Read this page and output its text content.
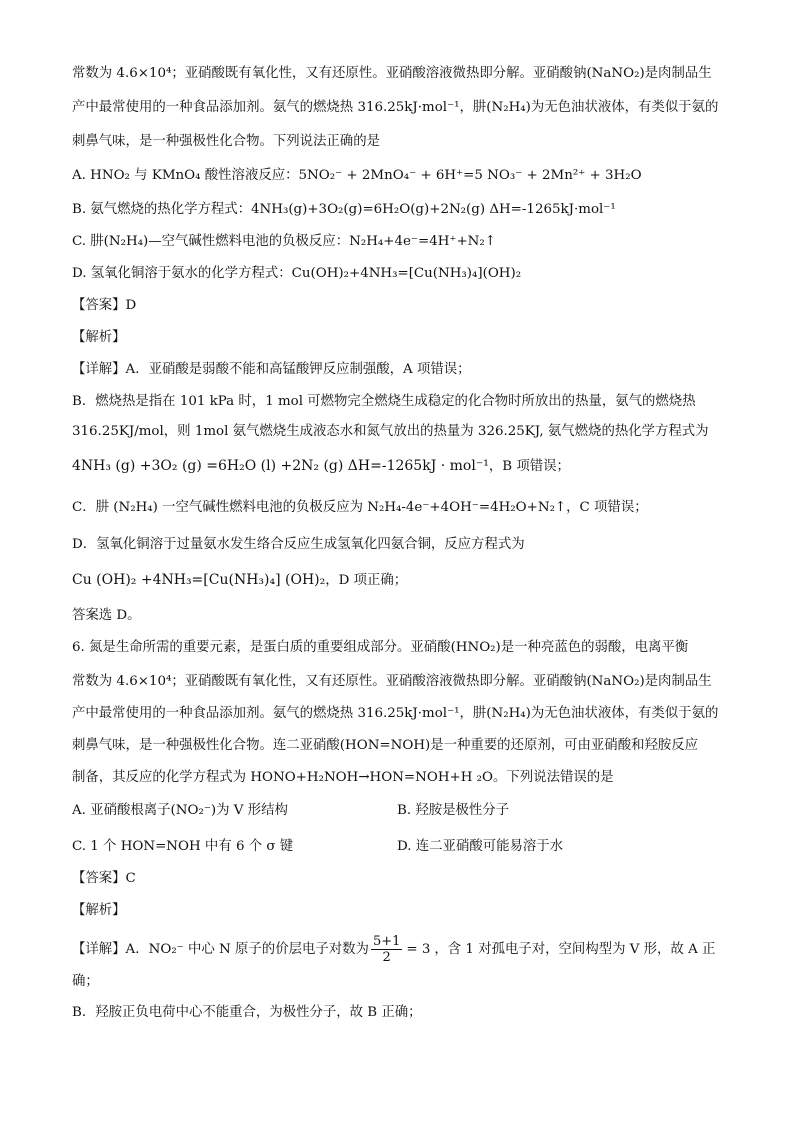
常数为 4.6×10⁴；亚硝酸既有氧化性，又有还原性。亚硝酸溶液微热即分解。亚硝酸钠(NaNO₂)是肉制品生
产中最常使用的一种食品添加剂。氨气的燃烧热 316.25kJ·mol⁻¹，肼(N₂H₄)为无色油状液体，有类似于氨的
刺鼻气味，是一种强极性化合物。下列说法正确的是
A. HNO₂ 与 KMnO₄ 酸性溶液反应：5NO₂⁻ + 2MnO₄⁻ + 6H⁺=5 NO₃⁻ + 2Mn²⁺ + 3H₂O
B. 氨气燃烧的热化学方程式：4NH₃(g)+3O₂(g)=6H₂O(g)+2N₂(g) ΔH=-1265kJ·mol⁻¹
C. 肼(N₂H₄)—空气碱性燃料电池的负极反应：N₂H₄+4e⁻=4H⁺+N₂↑
D. 氢氧化铜溶于氨水的化学方程式：Cu(OH)₂+4NH₃=[Cu(NH₃)₄](OH)₂
【答案】D
【解析】
【详解】A．亚硝酸是弱酸不能和高锰酸钾反应制强酸，A 项错误；
B．燃烧热是指在 101 kPa 时，1 mol 可燃物完全燃烧生成稳定的化合物时所放出的热量，氨气的燃烧热
316.25KJ/mol，则 1mol 氨气燃烧生成液态水和氮气放出的热量为 326.25KJ, 氨气燃烧的热化学方程式为
4NH₃ (g) +3O₂ (g) =6H₂O (l) +2N₂ (g) ΔH=-1265kJ · mol⁻¹，B 项错误；
C．肼 (N₂H₄) 一空气碱性燃料电池的负极反应为 N₂H₄-4e⁻+4OH⁻=4H₂O+N₂↑，C 项错误；
D．氢氧化铜溶于过量氨水发生络合反应生成氢氧化四氨合铜，反应方程式为
Cu (OH)₂ +4NH₃=[Cu(NH₃)₄] (OH)₂，D 项正确；
答案选 D。
6. 氮是生命所需的重要元素，是蛋白质的重要组成部分。亚硝酸(HNO₂)是一种亮蓝色的弱酸，电离平衡
常数为 4.6×10⁴；亚硝酸既有氧化性，又有还原性。亚硝酸溶液微热即分解。亚硝酸钠(NaNO₂)是肉制品生
产中最常使用的一种食品添加剂。氨气的燃烧热 316.25kJ·mol⁻¹，肼(N₂H₄)为无色油状液体，有类似于氨的
刺鼻气味，是一种强极性化合物。连二亚硝酸(HON=NOH)是一种重要的还原剂，可由亚硝酸和羟胺反应
制备，其反应的化学方程式为 HONO+H₂NOH→HON=NOH+H ₂O。下列说法错误的是
A. 亚硝酸根离子(NO₂⁻)为 V 形结构	B. 羟胺是极性分子
C. 1 个 HON=NOH 中有 6 个 σ 键	D. 连二亚硝酸可能易溶于水
【答案】C
【解析】
【详解】A．NO₂⁻ 中心 N 原子的价层电子对数为 $\frac{5+1}{2} = 3$ ，含 1 对孤电子对，空间构型为 V 形，故 A 正
确；
B．羟胺正负电荷中心不能重合，为极性分子，故 B 正确；
